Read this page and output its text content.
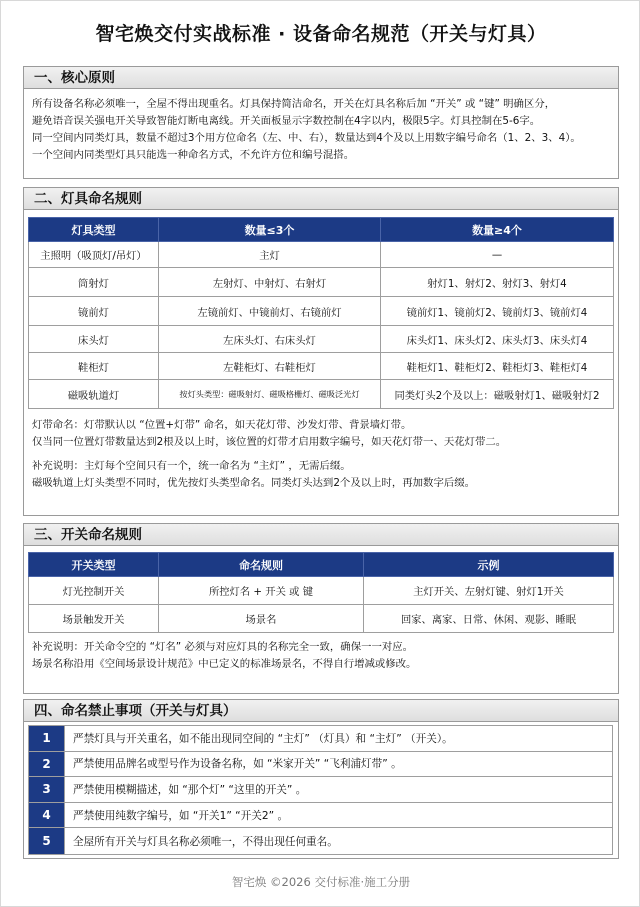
智宅焕交付实战标准 · 设备命名规范（开关与灯具）
一、核心原则
所有设备名称必须唯一，全屋不得出现重名。灯具保持简洁命名，开关在灯具名称后加 “开关” 或 “键” 明确区分，
避免语音误关强电开关导致智能灯断电离线。开关面板显示字数控制在4字以内，极限5字。灯具控制在5-6字。
同一空间内同类灯具，数量不超过3个用方位命名（左、中、右），数量达到4个及以上用数字编号命名（1、2、3、4）。
一个空间内同类型灯具只能选一种命名方式，不允许方位和编号混搭。
二、灯具命名规则
灯具类型	数量≤3个	数量≥4个
主照明（吸顶灯/吊灯）	主灯	—
筒射灯	左射灯、中射灯、右射灯	射灯1、射灯2、射灯3、射灯4
镜前灯	左镜前灯、中镜前灯、右镜前灯	镜前灯1、镜前灯2、镜前灯3、镜前灯4
床头灯	左床头灯、右床头灯	床头灯1、床头灯2、床头灯3、床头灯4
鞋柜灯	左鞋柜灯、右鞋柜灯	鞋柜灯1、鞋柜灯2、鞋柜灯3、鞋柜灯4
磁吸轨道灯	按灯头类型：磁吸射灯、磁吸格栅灯、磁吸泛光灯	同类灯头2个及以上：磁吸射灯1、磁吸射灯2
灯带命名：灯带默认以 “位置+灯带” 命名，如天花灯带、沙发灯带、背景墙灯带。
仅当同一位置灯带数量达到2根及以上时，该位置的灯带才启用数字编号，如天花灯带一、天花灯带二。
补充说明：主灯每个空间只有一个，统一命名为 “主灯” ，无需后缀。
磁吸轨道上灯头类型不同时，优先按灯头类型命名。同类灯头达到2个及以上时，再加数字后缀。
三、开关命名规则
开关类型	命名规则	示例
灯光控制开关	所控灯名 + 开关 或 键	主灯开关、左射灯键、射灯1开关
场景触发开关	场景名	回家、离家、日常、休闲、观影、睡眠
补充说明：开关命令空的 “灯名” 必须与对应灯具的名称完全一致，确保一一对应。
场景名称沿用《空间场景设计规范》中已定义的标准场景名，不得自行增减或修改。
四、命名禁止事项（开关与灯具）
1	严禁灯具与开关重名，如不能出现同空间的 “主灯” （灯具）和 “主灯” （开关）。
2	严禁使用品牌名或型号作为设备名称，如 “米家开关” “飞利浦灯带” 。
3	严禁使用模糊描述，如 “那个灯” “这里的开关” 。
4	严禁使用纯数字编号，如 “开关1” “开关2” 。
5	全屋所有开关与灯具名称必须唯一，不得出现任何重名。
智宅焕 ©2026 交付标准·施工分册
